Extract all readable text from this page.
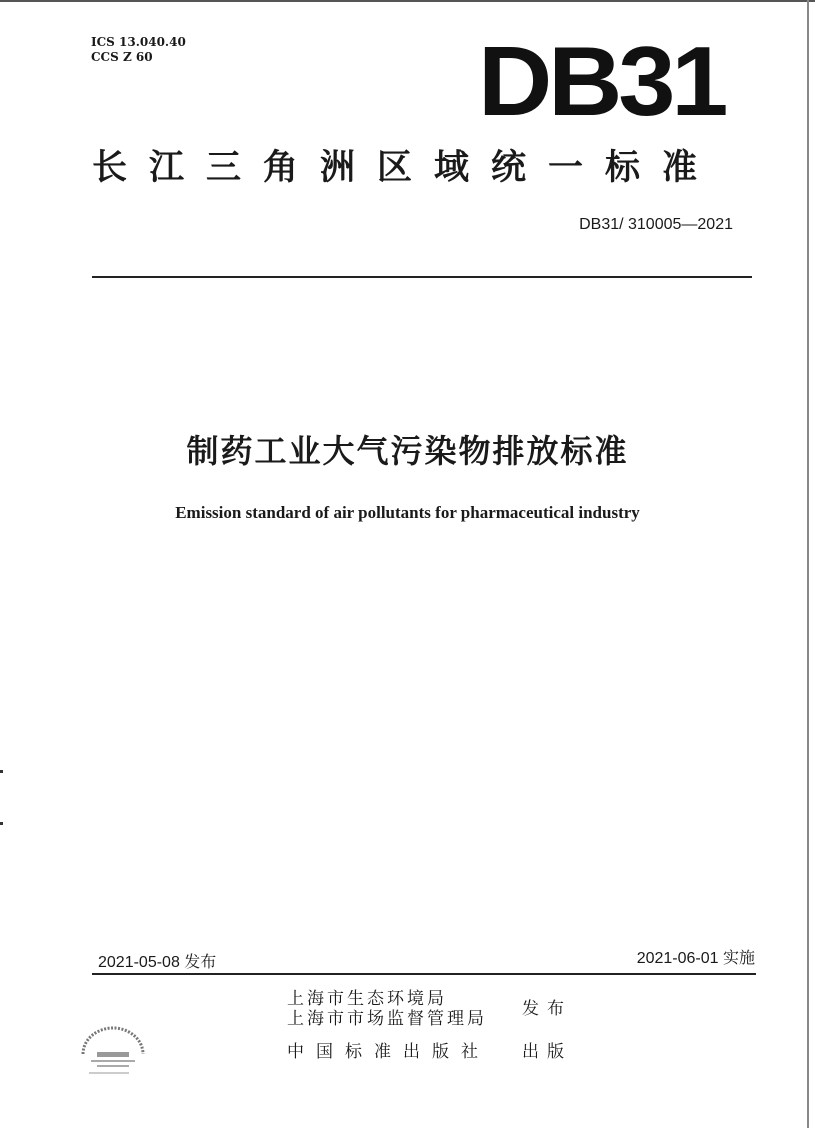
ICS 13.040.40
CCS Z 60	DB31
长江三角洲区域统一标准
DB31/ 310005—2021
制药工业大气污染物排放标准
Emission standard of air pollutants for pharmaceutical industry
2021-05-08 发布	2021-06-01 实施
上海市生态环境局
上海市市场监督管理局 发布
中国标准出版社 出版
